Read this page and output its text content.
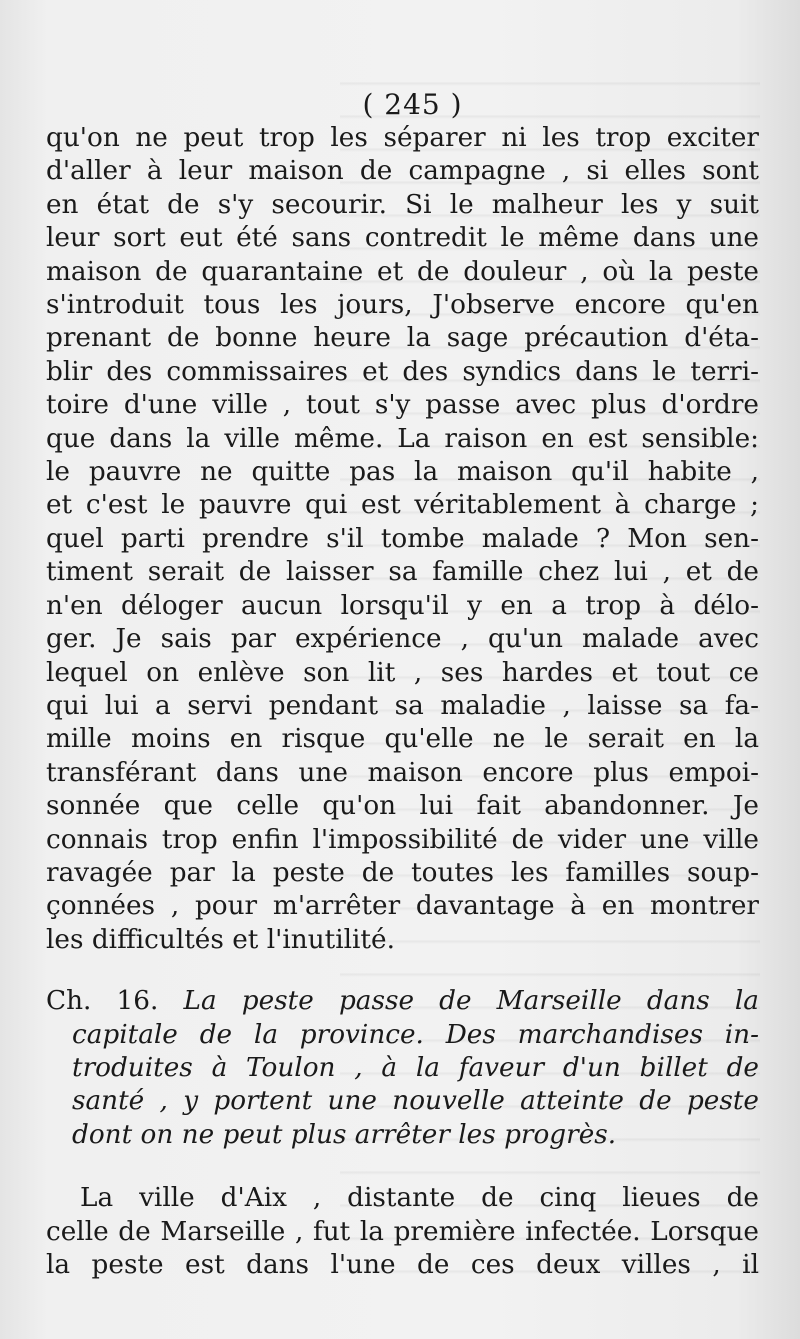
( 245 )

qu'on ne peut trop les séparer ni les trop exciter
d'aller à leur maison de campagne , si elles sont
en état de s'y secourir. Si le malheur les y suit
leur sort eut été sans contredit le même dans une
maison de quarantaine et de douleur , où la peste
s'introduit tous les jours, J'observe encore qu'en
prenant de bonne heure la sage précaution d'éta-
blir des commissaires et des syndics dans le terri-
toire d'une ville , tout s'y passe avec plus d'ordre
que dans la ville même. La raison en est sensible:
le pauvre ne quitte pas la maison qu'il habite ,
et c'est le pauvre qui est véritablement à charge ;
quel parti prendre s'il tombe malade ? Mon sen-
timent serait de laisser sa famille chez lui , et de
n'en déloger aucun lorsqu'il y en a trop à délo-
ger. Je sais par expérience , qu'un malade avec
lequel on enlève son lit , ses hardes et tout ce
qui lui a servi pendant sa maladie , laisse sa fa-
mille moins en risque qu'elle ne le serait en la
transférant dans une maison encore plus empoi-
sonnée que celle qu'on lui fait abandonner. Je
connais trop enfin l'impossibilité de vider une ville
ravagée par la peste de toutes les familles soup-
çonnées , pour m'arrêter davantage à en montrer
les difficultés et l'inutilité.

Ch. 16. La peste passe de Marseille dans la
capitale de la province. Des marchandises in-
troduites à Toulon , à la faveur d'un billet de
santé , y portent une nouvelle atteinte de peste
dont on ne peut plus arrêter les progrès.

La ville d'Aix , distante de cinq lieues de
celle de Marseille , fut la première infectée. Lorsque
la peste est dans l'une de ces deux villes , il
